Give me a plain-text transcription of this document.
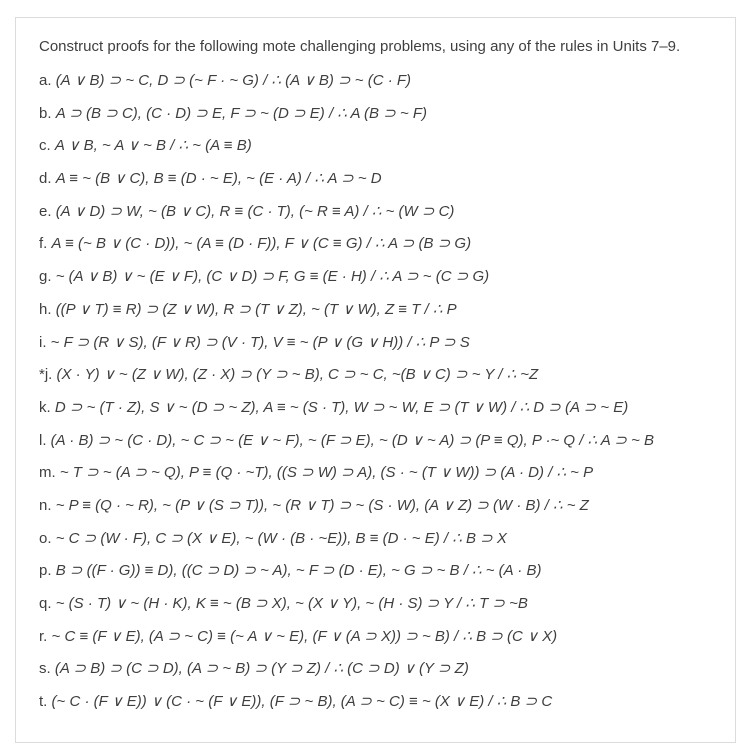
Construct proofs for the following mote challenging problems, using any of the rules in Units 7–9.
a. (A ∨ B) ⊃ ~ C, D ⊃ (~ F · ~ G) / ∴ (A ∨ B) ⊃ ~ (C · F)
b. A ⊃ (B ⊃ C), (C · D) ⊃ E, F ⊃ ~ (D ⊃ E) / ∴ A (B ⊃ ~ F)
c. A ∨ B, ~ A ∨ ~ B / ∴ ~ (A ≡ B)
d. A ≡ ~ (B ∨ C), B ≡ (D · ~ E), ~ (E · A) / ∴ A ⊃ ~ D
e. (A ∨ D) ⊃ W, ~ (B ∨ C), R ≡ (C · T), (~ R ≡ A) / ∴ ~ (W ⊃ C)
f. A ≡ (~ B ∨ (C · D)), ~ (A ≡ (D · F)), F ∨ (C ≡ G) / ∴ A ⊃ (B ⊃ G)
g. ~ (A ∨ B) ∨ ~ (E ∨ F), (C ∨ D) ⊃ F, G ≡ (E · H) / ∴ A ⊃ ~ (C ⊃ G)
h. ((P ∨ T) ≡ R) ⊃ (Z ∨ W), R ⊃ (T ∨ Z), ~ (T ∨ W), Z ≡ T / ∴ P
i. ~ F ⊃ (R ∨ S), (F ∨ R) ⊃ (V · T), V ≡ ~ (P ∨ (G ∨ H)) / ∴ P ⊃ S
*j. (X · Y) ∨ ~ (Z ∨ W), (Z · X) ⊃ (Y ⊃ ~ B), C ⊃ ~ C, ~(B ∨ C) ⊃ ~ Y / ∴ ~Z
k. D ⊃ ~ (T · Z), S ∨ ~ (D ⊃ ~ Z), A ≡ ~ (S · T), W ⊃ ~ W, E ⊃ (T ∨ W) / ∴ D ⊃ (A ⊃ ~ E)
l. (A · B) ⊃ ~ (C · D), ~ C ⊃ ~ (E ∨ ~ F), ~ (F ⊃ E), ~ (D ∨ ~ A) ⊃ (P ≡ Q), P ·~ Q / ∴ A ⊃ ~ B
m. ~ T ⊃ ~ (A ⊃ ~ Q), P ≡ (Q · ~T), ((S ⊃ W) ⊃ A), (S · ~ (T ∨ W)) ⊃ (A · D) / ∴ ~ P
n. ~ P ≡ (Q · ~ R), ~ (P ∨ (S ⊃ T)), ~ (R ∨ T) ⊃ ~ (S · W), (A ∨ Z) ⊃ (W · B) / ∴ ~ Z
o. ~ C ⊃ (W · F), C ⊃ (X ∨ E), ~ (W · (B · ~E)), B ≡ (D · ~ E) / ∴ B ⊃ X
p. B ⊃ ((F · G)) ≡ D), ((C ⊃ D) ⊃ ~ A), ~ F ⊃ (D · E), ~ G ⊃ ~ B / ∴ ~ (A · B)
q. ~ (S · T) ∨ ~ (H · K), K ≡ ~ (B ⊃ X), ~ (X ∨ Y), ~ (H · S) ⊃ Y / ∴ T ⊃ ~B
r. ~ C ≡ (F ∨ E), (A ⊃ ~ C) ≡ (~ A ∨ ~ E), (F ∨ (A ⊃ X)) ⊃ ~ B) / ∴ B ⊃ (C ∨ X)
s. (A ⊃ B) ⊃ (C ⊃ D), (A ⊃ ~ B) ⊃ (Y ⊃ Z) / ∴ (C ⊃ D) ∨ (Y ⊃ Z)
t. (~ C · (F ∨ E)) ∨ (C · ~ (F ∨ E)), (F ⊃ ~ B), (A ⊃ ~ C) ≡ ~ (X ∨ E) / ∴ B ⊃ C
